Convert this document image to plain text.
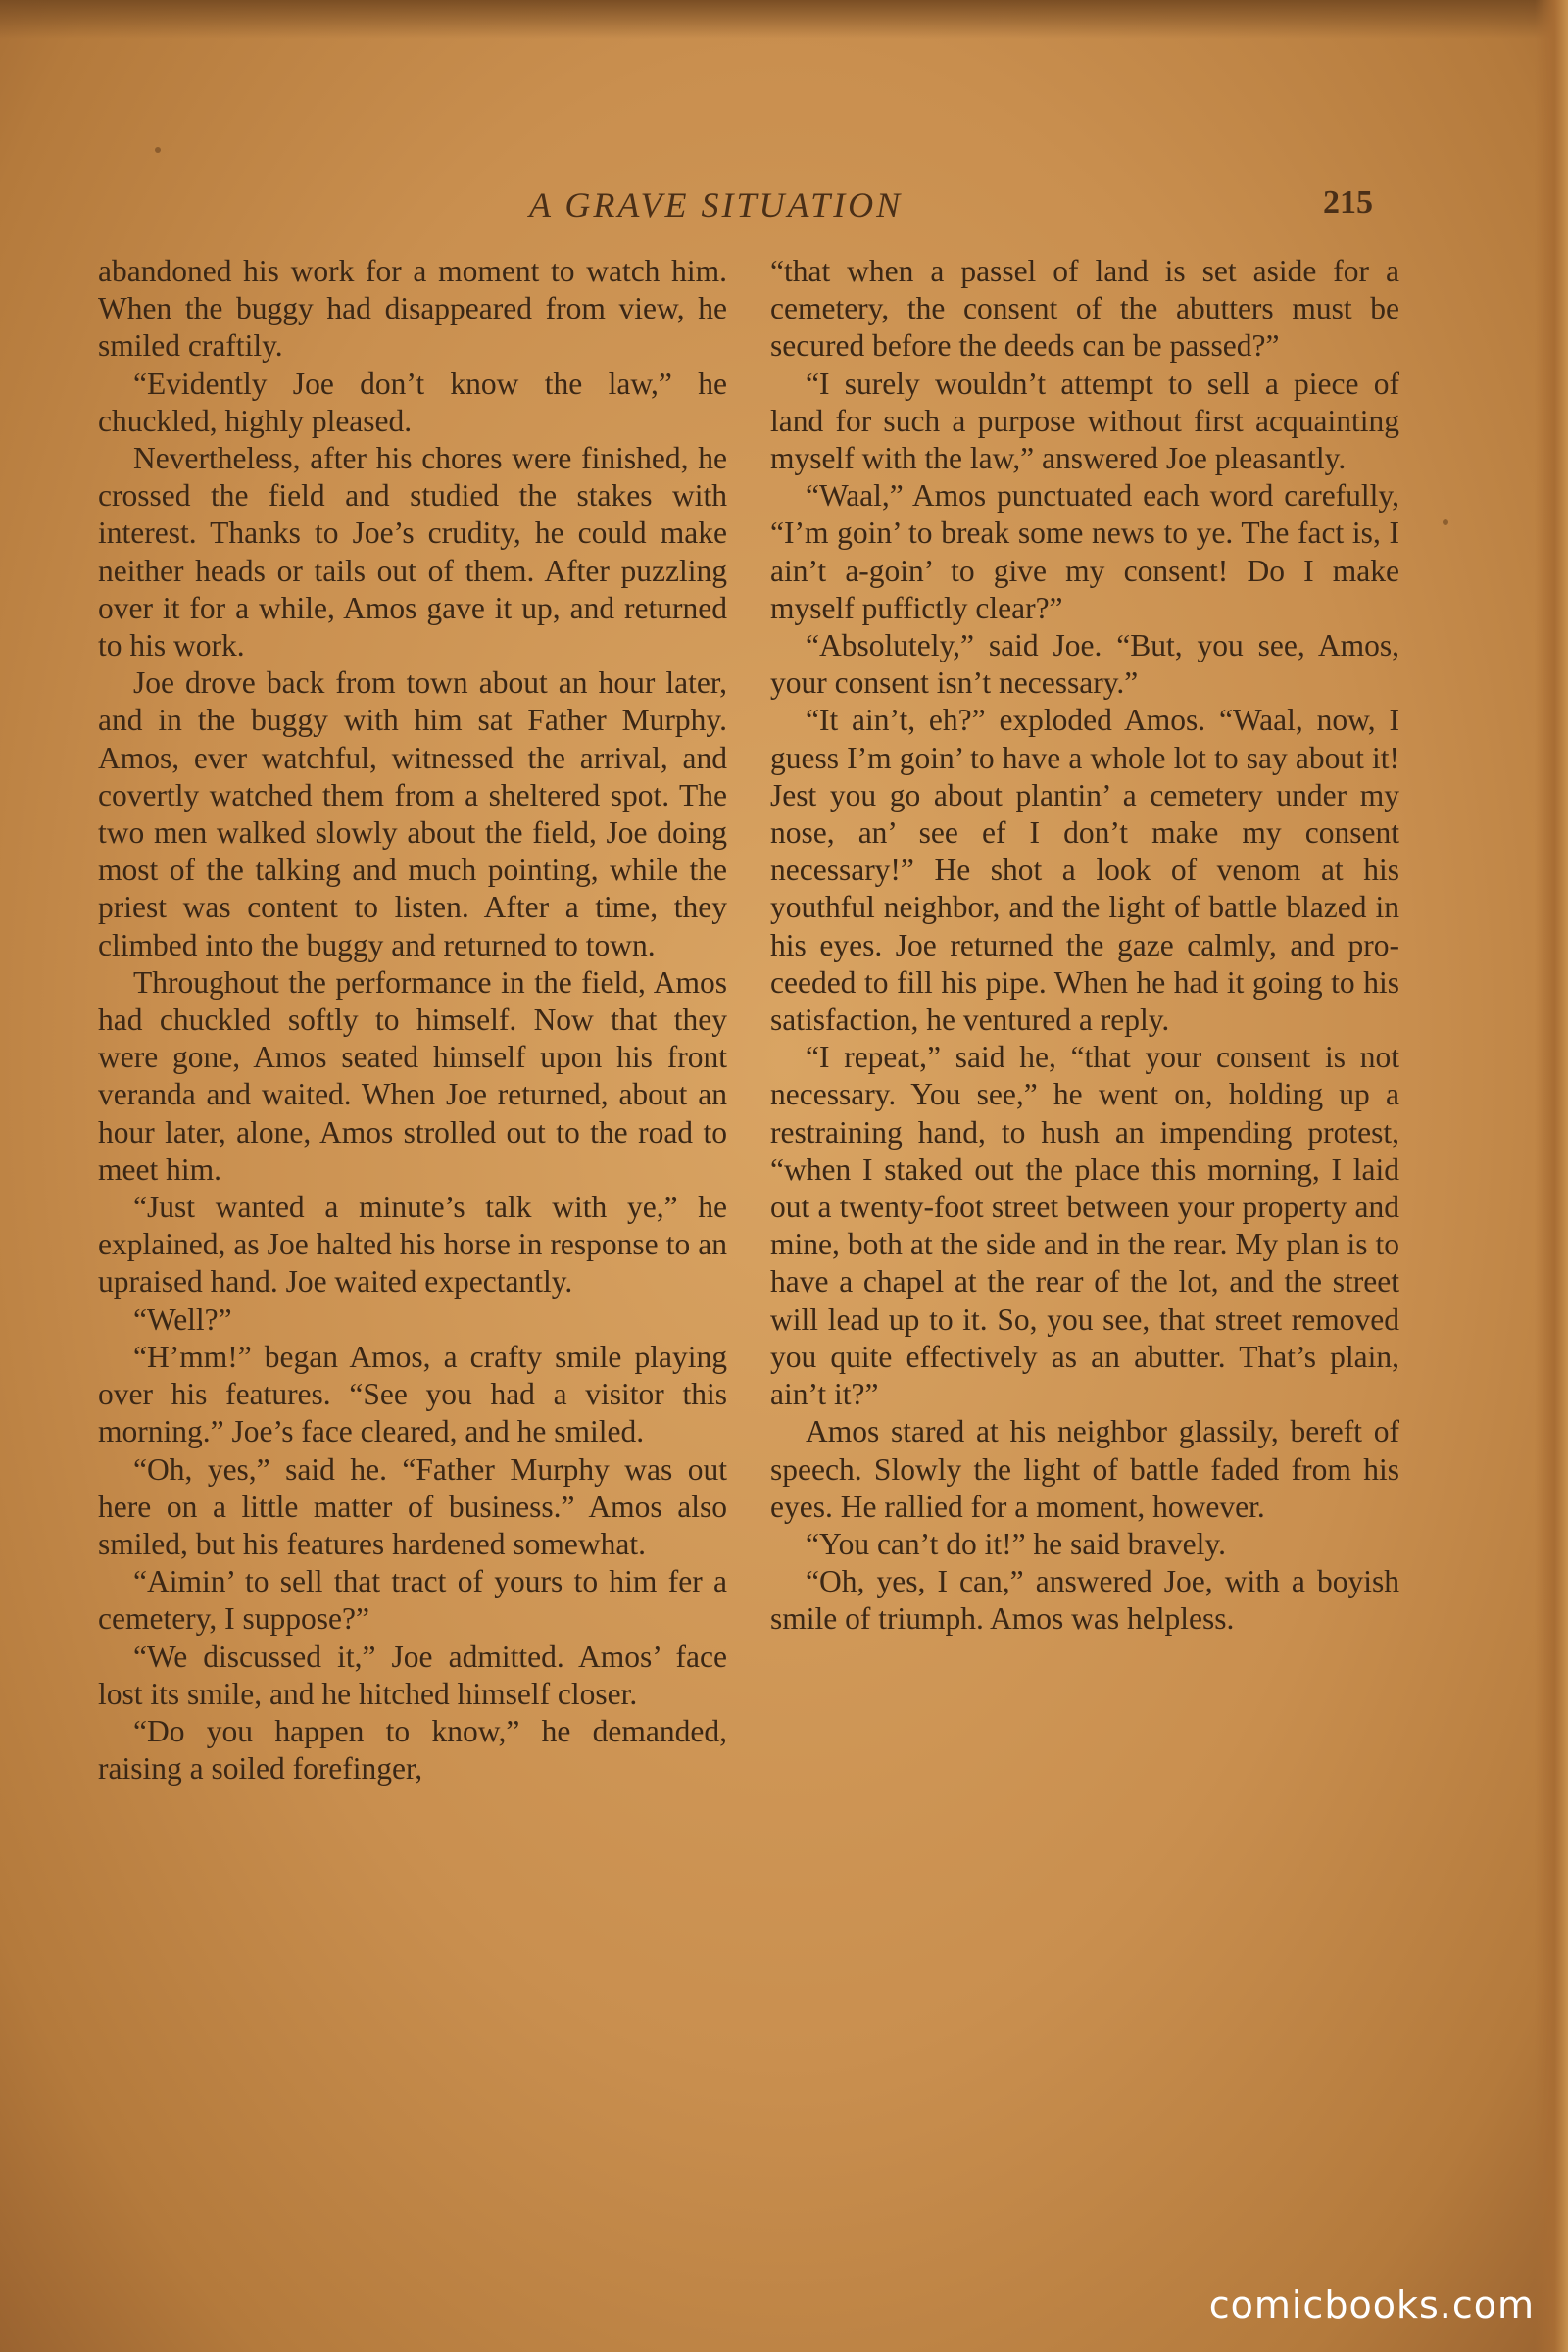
A GRAVE SITUATION	215

abandoned his work for a moment to watch him. When the buggy had disappeared from view, he smiled craftily.

“Evidently Joe don’t know the law,” he chuckled, highly pleased.

Nevertheless, after his chores were finished, he crossed the field and studied the stakes with interest. Thanks to Joe’s crudity, he could make neither heads or tails out of them. After puzzling over it for a while, Amos gave it up, and returned to his work.

Joe drove back from town about an hour later, and in the buggy with him sat Father Murphy. Amos, ever watchful, witnessed the arrival, and covertly watched them from a sheltered spot. The two men walked slowly about the field, Joe doing most of the talking and much pointing, while the priest was content to listen. After a time, they climbed into the buggy and returned to town.

Throughout the performance in the field, Amos had chuckled softly to himself. Now that they were gone, Amos seated himself upon his front veranda and waited. When Joe returned, about an hour later, alone, Amos strolled out to the road to meet him.

“Just wanted a minute’s talk with ye,” he explained, as Joe halted his horse in response to an upraised hand. Joe waited expectantly.

“Well?”

“H’mm!” began Amos, a crafty smile playing over his features. “See you had a visitor this morning.” Joe’s face cleared, and he smiled.

“Oh, yes,” said he. “Father Murphy was out here on a little matter of business.” Amos also smiled, but his features hardened somewhat.

“Aimin’ to sell that tract of yours to him fer a cemetery, I suppose?”

“We discussed it,” Joe admitted. Amos’ face lost its smile, and he hitched himself closer.

“Do you happen to know,” he demanded, raising a soiled forefinger,

“that when a passel of land is set aside for a cemetery, the consent of the abutters must be secured before the deeds can be passed?”

“I surely wouldn’t attempt to sell a piece of land for such a purpose without first acquainting myself with the law,” answered Joe pleasantly.

“Waal,” Amos punctuated each word carefully, “I’m goin’ to break some news to ye. The fact is, I ain’t a-goin’ to give my consent! Do I make myself puffictly clear?”

“Absolutely,” said Joe. “But, you see, Amos, your consent isn’t necessary.”

“It ain’t, eh?” exploded Amos. “Waal, now, I guess I’m goin’ to have a whole lot to say about it! Jest you go about plantin’ a cemetery under my nose, an’ see ef I don’t make my consent necessary!” He shot a look of venom at his youthful neighbor, and the light of battle blazed in his eyes. Joe returned the gaze calmly, and proceeded to fill his pipe. When he had it going to his satisfaction, he ventured a reply.

“I repeat,” said he, “that your consent is not necessary. You see,” he went on, holding up a restraining hand, to hush an impending protest, “when I staked out the place this morning, I laid out a twenty-foot street between your property and mine, both at the side and in the rear. My plan is to have a chapel at the rear of the lot, and the street will lead up to it. So, you see, that street removed you quite effectively as an abutter. That’s plain, ain’t it?”

Amos stared at his neighbor glassily, bereft of speech. Slowly the light of battle faded from his eyes. He rallied for a moment, however.

“You can’t do it!” he said bravely.

“Oh, yes, I can,” answered Joe, with a boyish smile of triumph. Amos was helpless.

comicbooks.com
